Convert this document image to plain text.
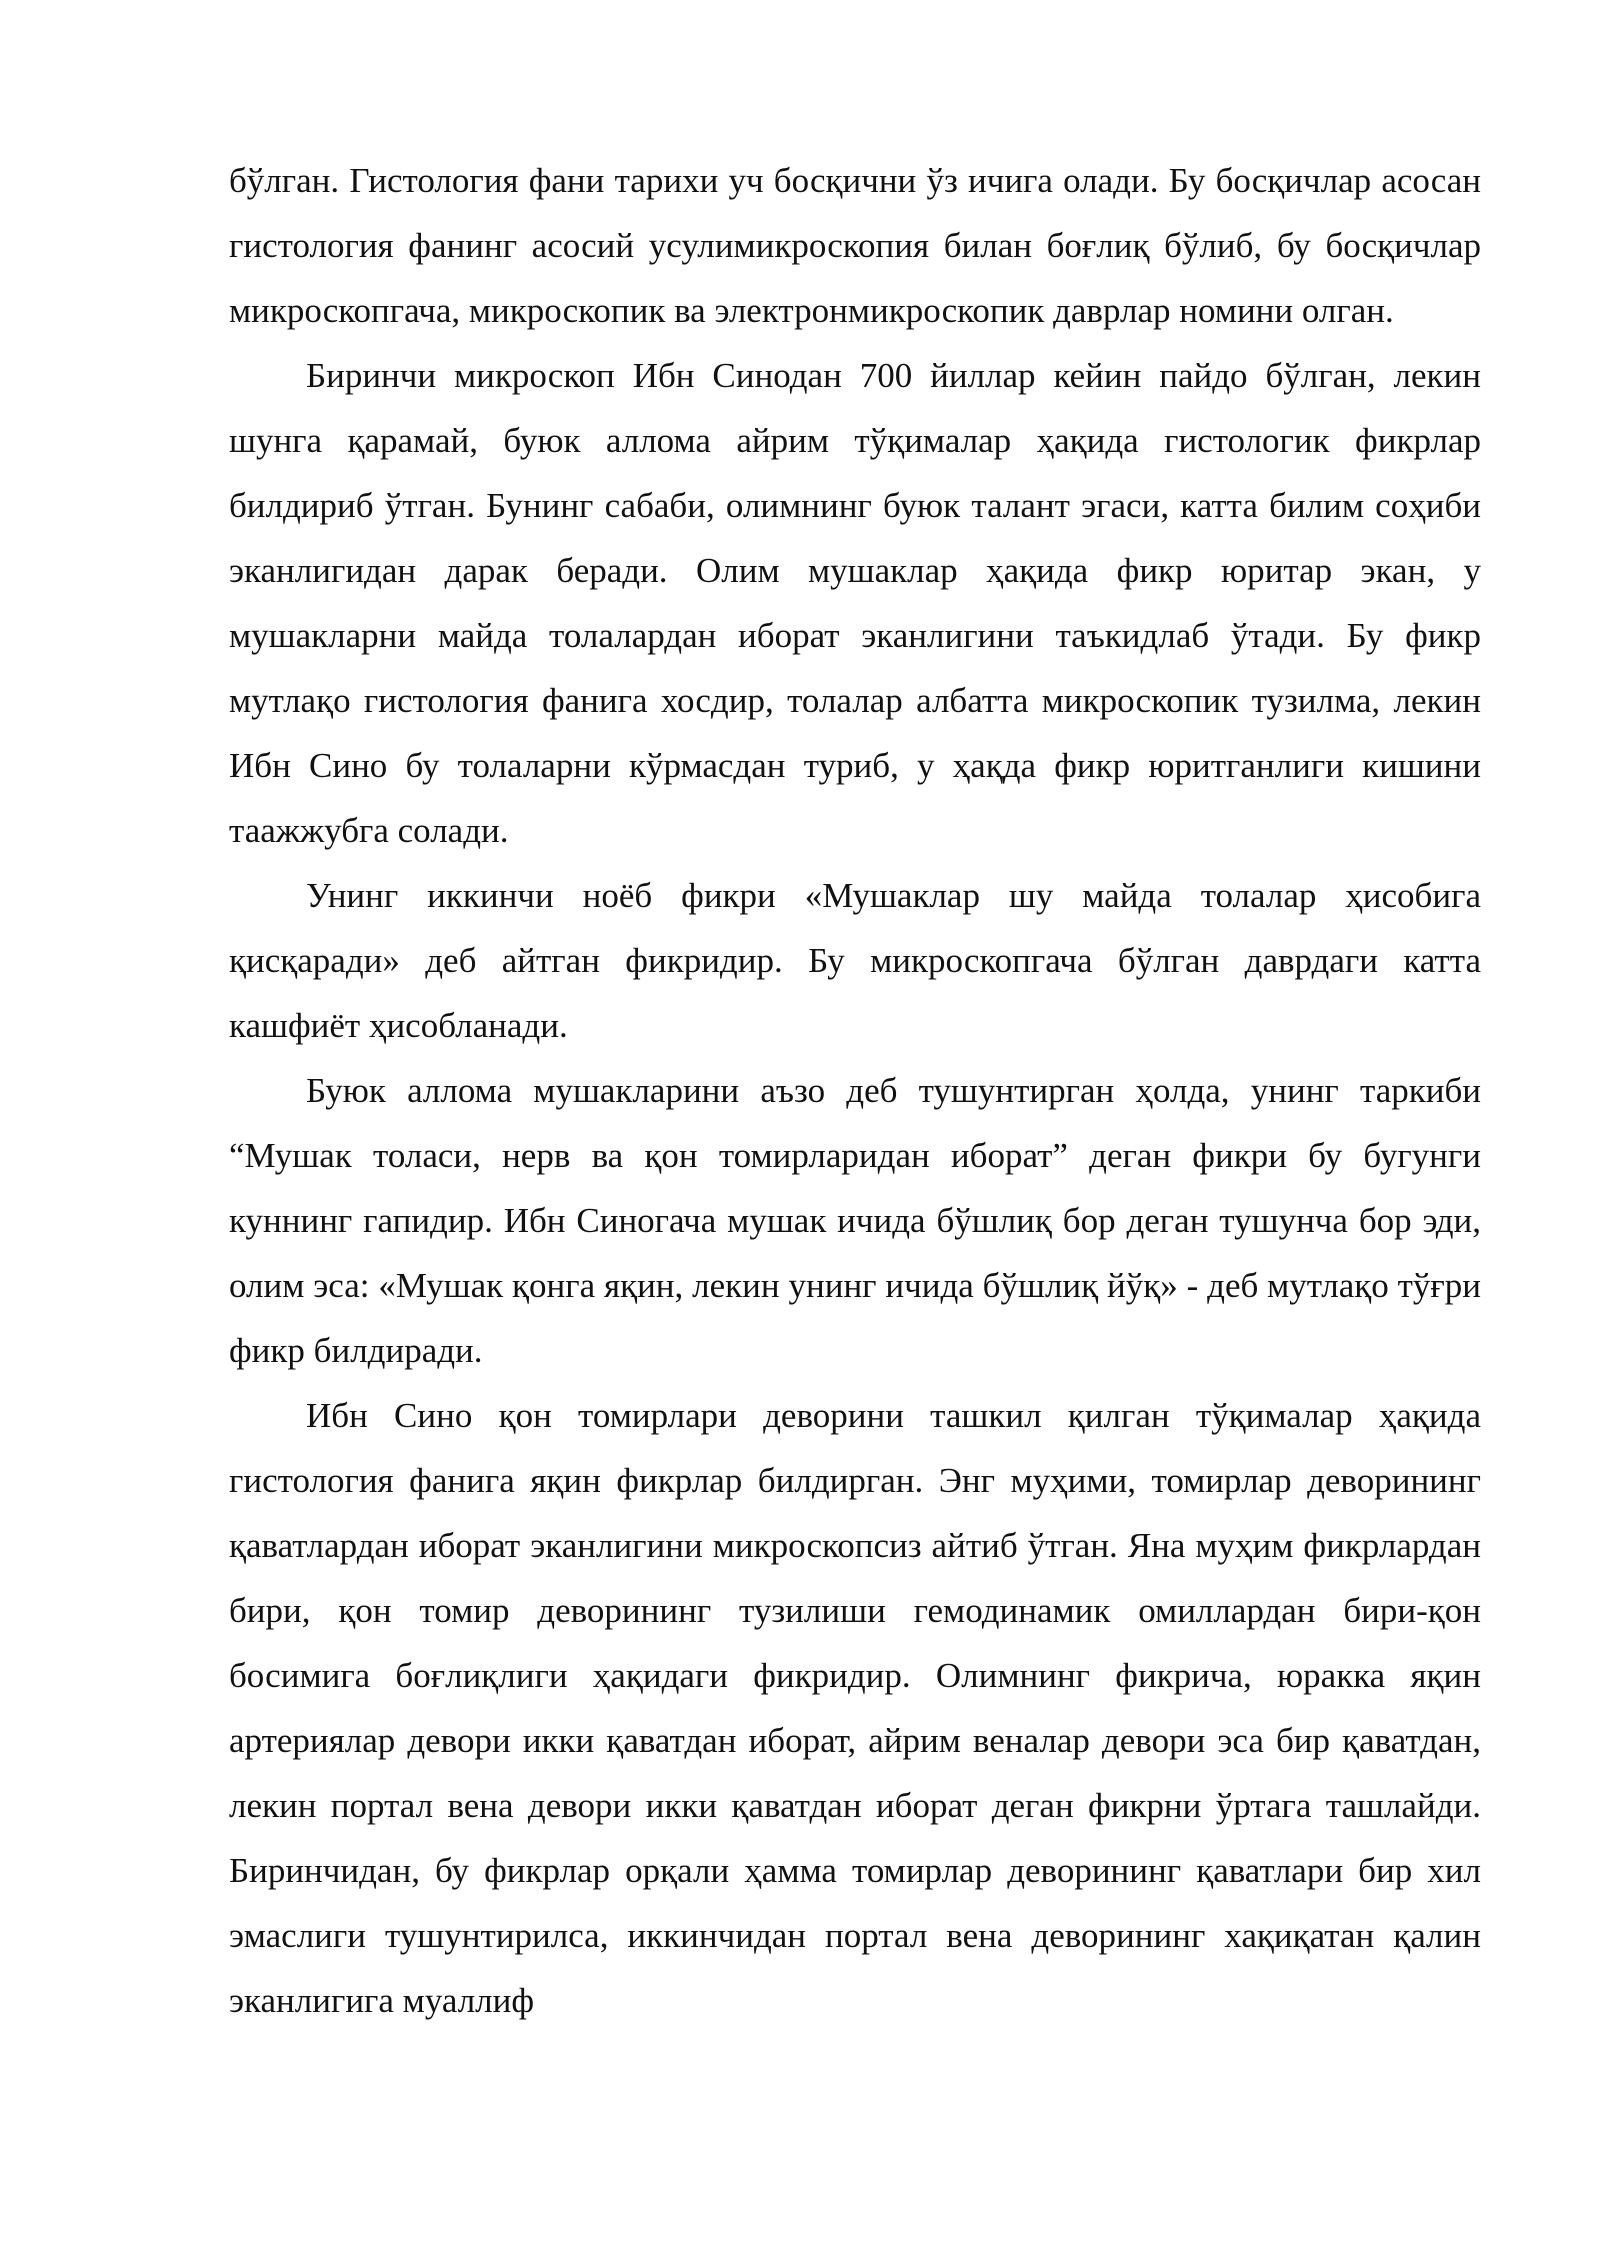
бўлган. Гистология фани тарихи уч босқични ўз ичига олади. Бу босқичлар асосан гистология фанинг асосий усулимикроскопия билан боғлиқ бўлиб, бу босқичлар микроскопгача, микроскопик ва электронмикроскопик даврлар номини олган.

Биринчи микроскоп Ибн Синодан 700 йиллар кейин пайдо бўлган, лекин шунга қарамай, буюк аллома айрим тўқималар ҳақида гистологик фикрлар билдириб ўтган. Бунинг сабаби, олимнинг буюк талант эгаси, катта билим соҳиби эканлигидан дарак беради. Олим мушаклар ҳақида фикр юритар экан, у мушакларни майда толалардан иборат эканлигини таъкидлаб ўтади. Бу фикр мутлақо гистология фанига хосдир, толалар албатта микроскопик тузилма, лекин Ибн Сино бу толаларни кўрмасдан туриб, у ҳақда фикр юритганлиги кишини таажжубга солади.

Унинг иккинчи ноёб фикри «Мушаклар шу майда толалар ҳисобига қисқаради» деб айтган фикридир. Бу микроскопгача бўлган даврдаги катта кашфиёт ҳисобланади.

Буюк аллома мушакларини аъзо деб тушунтирган ҳолда, унинг таркиби “Мушак толаси, нерв ва қон томирларидан иборат” деган фикри бу бугунги куннинг гапидир. Ибн Синогача мушак ичида бўшлиқ бор деган тушунча бор эди, олим эса: «Мушак қонга яқин, лекин унинг ичида бўшлиқ йўқ» - деб мутлақо тўғри фикр билдиради.

Ибн Сино қон томирлари деворини ташкил қилган тўқималар ҳақида гистология фанига яқин фикрлар билдирган. Энг муҳими, томирлар деворининг қаватлардан иборат эканлигини микроскопсиз айтиб ўтган. Яна муҳим фикрлардан бири, қон томир деворининг тузилиши гемодинамик омиллардан бири-қон босимига боғлиқлиги ҳақидаги фикридир. Олимнинг фикрича, юракка яқин артериялар девори икки қаватдан иборат, айрим веналар девори эса бир қаватдан, лекин портал вена девори икки қаватдан иборат деган фикрни ўртага ташлайди. Биринчидан, бу фикрлар орқали ҳамма томирлар деворининг қаватлари бир хил эмаслиги тушунтирилса, иккинчидан портал вена деворининг хақиқатан қалин эканлигига муаллиф
